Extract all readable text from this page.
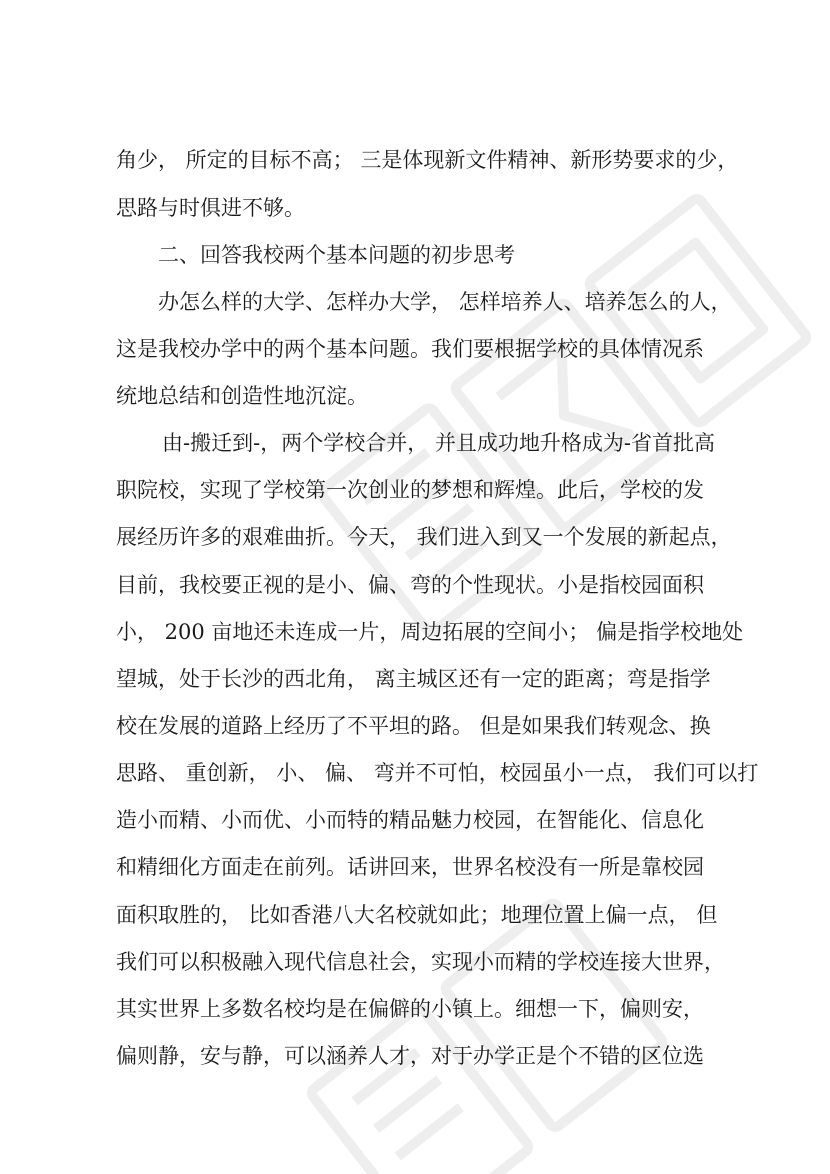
角少， 所定的目标不高； 三是体现新文件精神、新形势要求的少，
思路与时俱进不够。
二、回答我校两个基本问题的初步思考
办怎么样的大学、怎样办大学， 怎样培养人、培养怎么的人，
这是我校办学中的两个基本问题。我们要根据学校的具体情况系
统地总结和创造性地沉淀。
由-搬迁到-，两个学校合并， 并且成功地升格成为-省首批高
职院校，实现了学校第一次创业的梦想和辉煌。此后，学校的发
展经历许多的艰难曲折。今天， 我们进入到又一个发展的新起点，
目前，我校要正视的是小、偏、弯的个性现状。小是指校园面积
小， 200 亩地还未连成一片，周边拓展的空间小； 偏是指学校地处
望城，处于长沙的西北角， 离主城区还有一定的距离；弯是指学
校在发展的道路上经历了不平坦的路。 但是如果我们转观念、换
思路、 重创新， 小、 偏、 弯并不可怕，校园虽小一点， 我们可以打
造小而精、小而优、小而特的精品魅力校园，在智能化、信息化
和精细化方面走在前列。话讲回来，世界名校没有一所是靠校园
面积取胜的， 比如香港八大名校就如此；地理位置上偏一点， 但
我们可以积极融入现代信息社会，实现小而精的学校连接大世界，
其实世界上多数名校均是在偏僻的小镇上。细想一下，偏则安，
偏则静，安与静，可以涵养人才，对于办学正是个不错的区位选
